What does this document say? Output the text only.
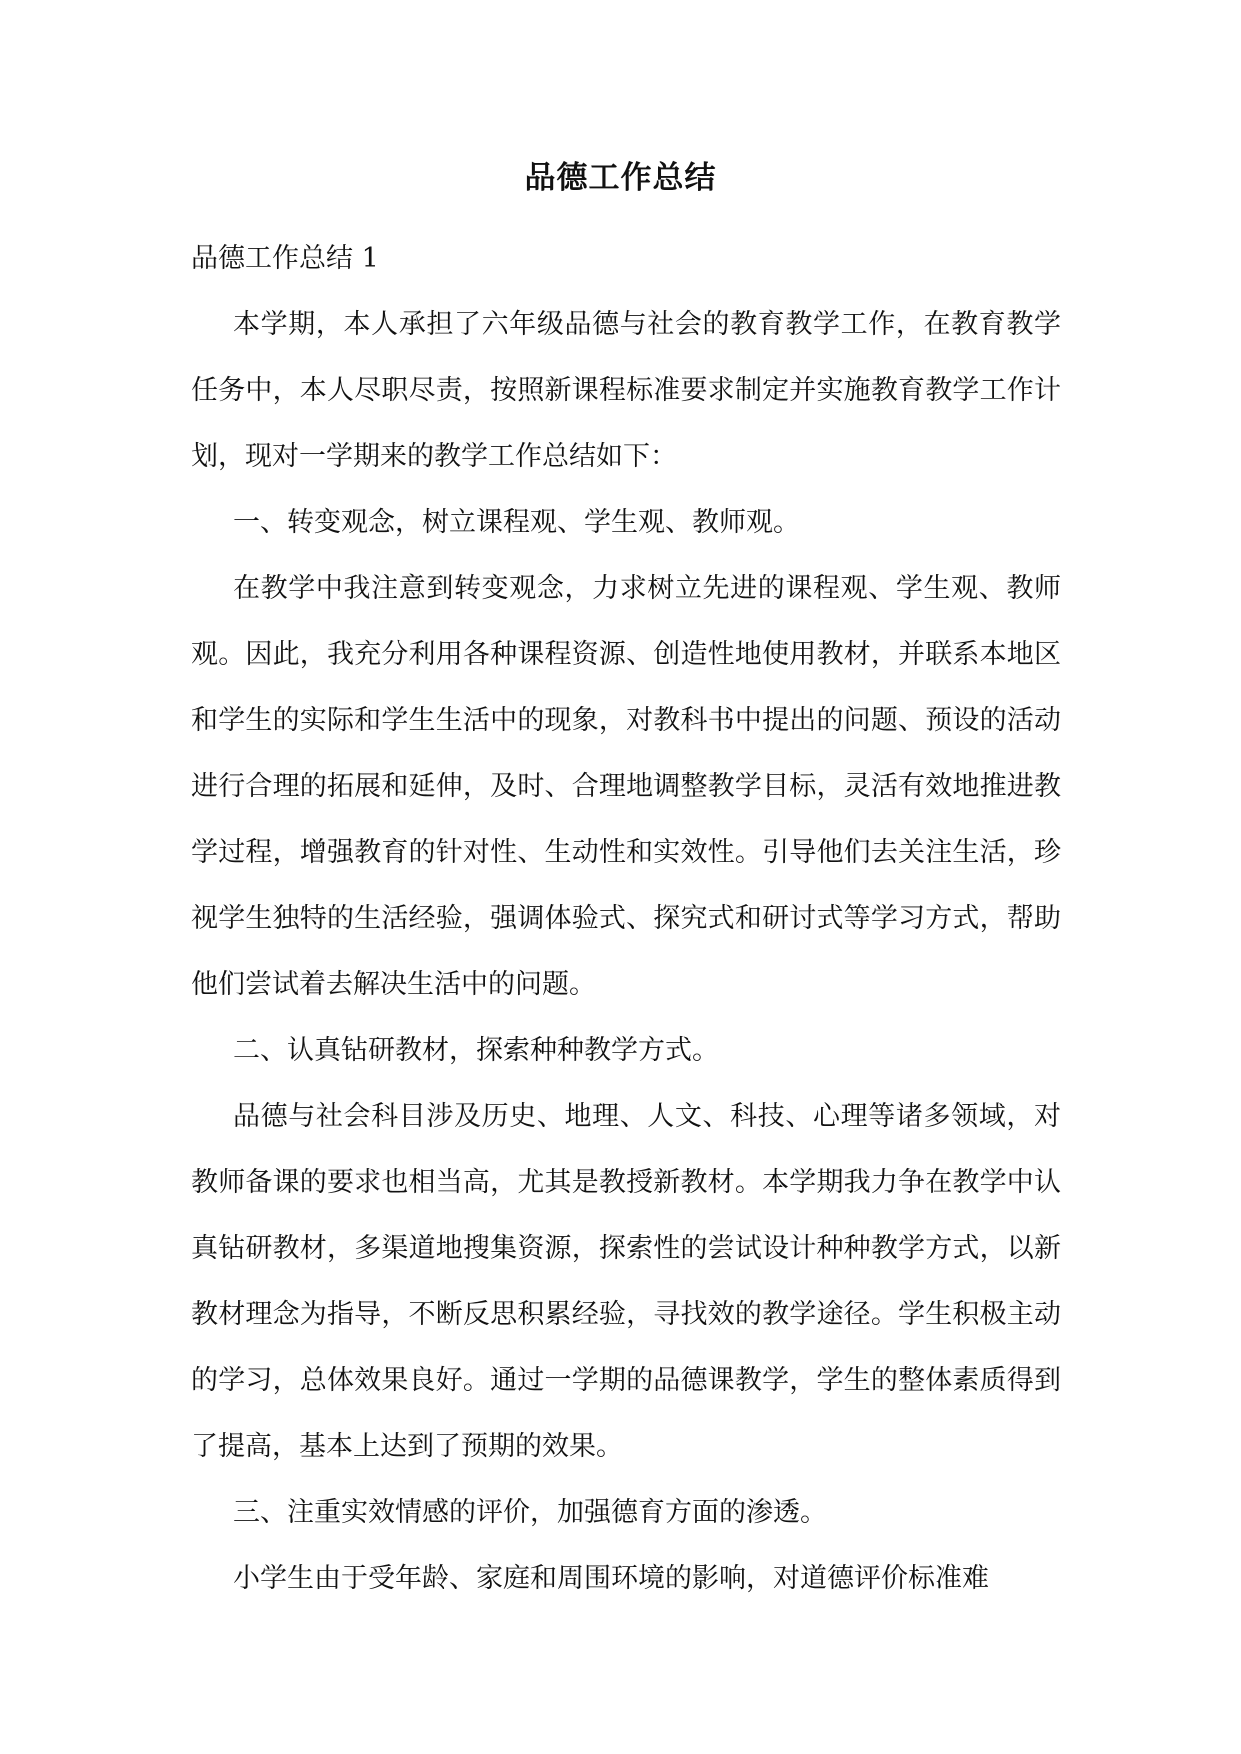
品德工作总结

品德工作总结 1

本学期，本人承担了六年级品德与社会的教育教学工作，在教育教学任务中，本人尽职尽责，按照新课程标准要求制定并实施教育教学工作计划，现对一学期来的教学工作总结如下：

一、转变观念，树立课程观、学生观、教师观。

在教学中我注意到转变观念，力求树立先进的课程观、学生观、教师观。因此，我充分利用各种课程资源、创造性地使用教材，并联系本地区和学生的实际和学生生活中的现象，对教科书中提出的问题、预设的活动进行合理的拓展和延伸，及时、合理地调整教学目标，灵活有效地推进教学过程，增强教育的针对性、生动性和实效性。引导他们去关注生活，珍视学生独特的生活经验，强调体验式、探究式和研讨式等学习方式，帮助他们尝试着去解决生活中的问题。

二、认真钻研教材，探索种种教学方式。

品德与社会科目涉及历史、地理、人文、科技、心理等诸多领域，对教师备课的要求也相当高，尤其是教授新教材。本学期我力争在教学中认真钻研教材，多渠道地搜集资源，探索性的尝试设计种种教学方式，以新教材理念为指导，不断反思积累经验，寻找效的教学途径。学生积极主动的学习，总体效果良好。通过一学期的品德课教学，学生的整体素质得到了提高，基本上达到了预期的效果。

三、注重实效情感的评价，加强德育方面的渗透。

小学生由于受年龄、家庭和周围环境的影响，对道德评价标准难
